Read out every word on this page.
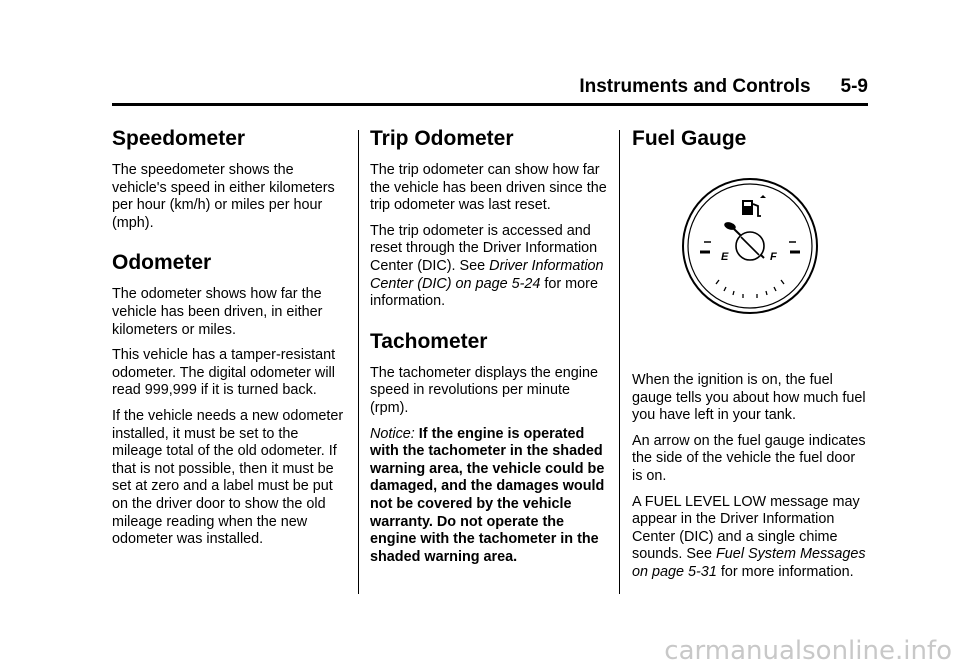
Instruments and Controls 5-9
Speedometer

The speedometer shows the vehicle's speed in either kilometers per hour (km/h) or miles per hour (mph).

Odometer

The odometer shows how far the vehicle has been driven, in either kilometers or miles.

This vehicle has a tamper-resistant odometer. The digital odometer will read 999,999 if it is turned back.

If the vehicle needs a new odometer installed, it must be set to the mileage total of the old odometer. If that is not possible, then it must be set at zero and a label must be put on the driver door to show the old mileage reading when the new odometer was installed.

Trip Odometer

The trip odometer can show how far the vehicle has been driven since the trip odometer was last reset.

The trip odometer is accessed and reset through the Driver Information Center (DIC). See Driver Information Center (DIC) on page 5-24 for more information.

Tachometer

The tachometer displays the engine speed in revolutions per minute (rpm).

Notice: If the engine is operated with the tachometer in the shaded warning area, the vehicle could be damaged, and the damages would not be covered by the vehicle warranty. Do not operate the engine with the tachometer in the shaded warning area.

Fuel Gauge
E	F

When the ignition is on, the fuel gauge tells you about how much fuel you have left in your tank.

An arrow on the fuel gauge indicates the side of the vehicle the fuel door is on.

A FUEL LEVEL LOW message may appear in the Driver Information Center (DIC) and a single chime sounds. See Fuel System Messages on page 5-31 for more information.

carmanualsonline.info
